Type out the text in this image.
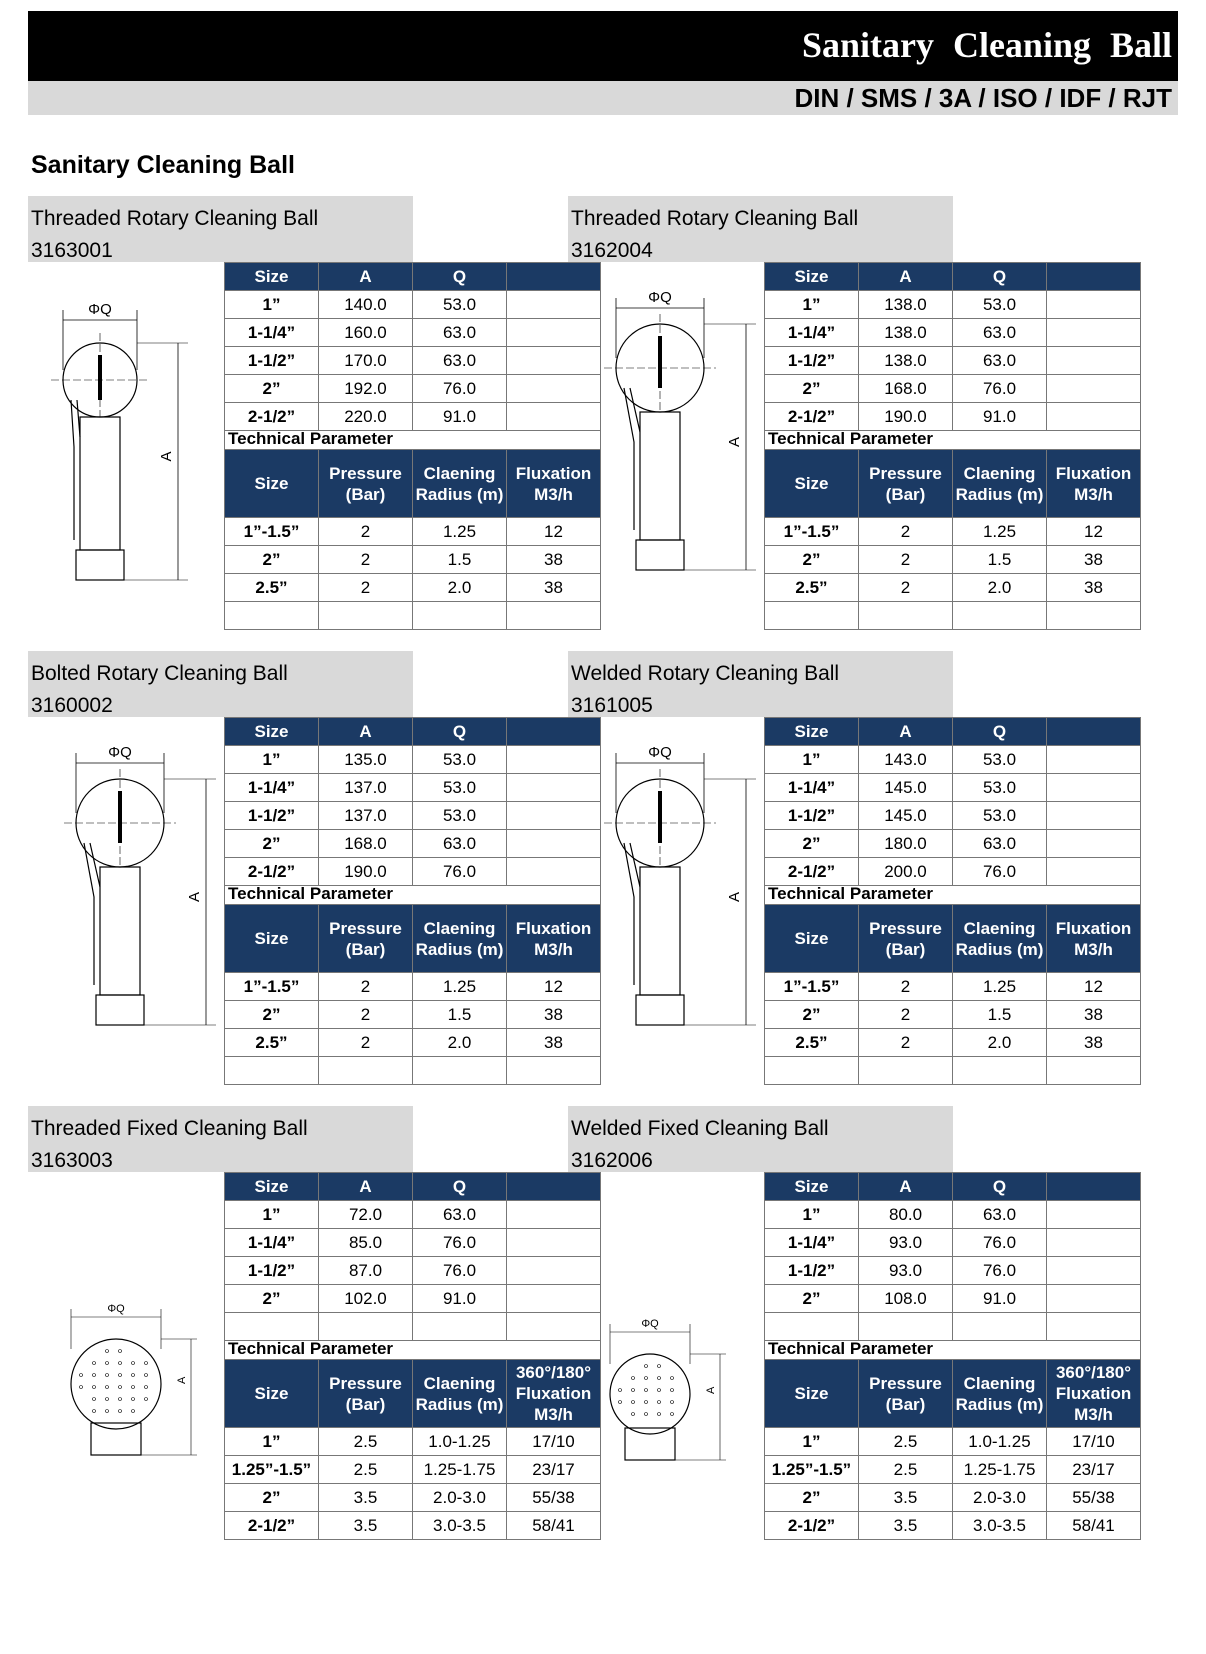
Sanitary Cleaning Ball
DIN / SMS / 3A / ISO / IDF / RJT
Sanitary Cleaning Ball
Threaded Rotary Cleaning Ball
3163001
ΦQ
A
Size	A	Q	
1”	140.0	53.0	
1-1/4”	160.0	63.0	
1-1/2”	170.0	63.0	
2”	192.0	76.0	
2-1/2”	220.0	91.0	
Technical Parameter
Size	Pressure (Bar)	Claening Radius (m)	Fluxation M3/h
1”-1.5”	2	1.25	12
2”	2	1.5	38
2.5”	2	2.0	38

Threaded Rotary Cleaning Ball
3162004
ΦQ
A
Size	A	Q	
1”	138.0	53.0	
1-1/4”	138.0	63.0	
1-1/2”	138.0	63.0	
2”	168.0	76.0	
2-1/2”	190.0	91.0	
Technical Parameter
Size	Pressure (Bar)	Claening Radius (m)	Fluxation M3/h
1”-1.5”	2	1.25	12
2”	2	1.5	38
2.5”	2	2.0	38

Bolted Rotary Cleaning Ball
3160002
ΦQ
A
Size	A	Q	
1”	135.0	53.0	
1-1/4”	137.0	53.0	
1-1/2”	137.0	53.0	
2”	168.0	63.0	
2-1/2”	190.0	76.0	
Technical Parameter
Size	Pressure (Bar)	Claening Radius (m)	Fluxation M3/h
1”-1.5”	2	1.25	12
2”	2	1.5	38
2.5”	2	2.0	38

Welded Rotary Cleaning Ball
3161005
ΦQ
A
Size	A	Q	
1”	143.0	53.0	
1-1/4”	145.0	53.0	
1-1/2”	145.0	53.0	
2”	180.0	63.0	
2-1/2”	200.0	76.0	
Technical Parameter
Size	Pressure (Bar)	Claening Radius (m)	Fluxation M3/h
1”-1.5”	2	1.25	12
2”	2	1.5	38
2.5”	2	2.0	38

Threaded Fixed Cleaning Ball
3163003
ΦQ
A
Size	A	Q	
1”	72.0	63.0	
1-1/4”	85.0	76.0	
1-1/2”	87.0	76.0	
2”	102.0	91.0	

Technical Parameter
Size	Pressure (Bar)	Claening Radius (m)	360°/180° Fluxation M3/h
1”	2.5	1.0-1.25	17/10
1.25”-1.5”	2.5	1.25-1.75	23/17
2”	3.5	2.0-3.0	55/38
2-1/2”	3.5	3.0-3.5	58/41
Welded Fixed Cleaning Ball
3162006
ΦQ
A
Size	A	Q	
1”	80.0	63.0	
1-1/4”	93.0	76.0	
1-1/2”	93.0	76.0	
2”	108.0	91.0	

Technical Parameter
Size	Pressure (Bar)	Claening Radius (m)	360°/180° Fluxation M3/h
1”	2.5	1.0-1.25	17/10
1.25”-1.5”	2.5	1.25-1.75	23/17
2”	3.5	2.0-3.0	55/38
2-1/2”	3.5	3.0-3.5	58/41
